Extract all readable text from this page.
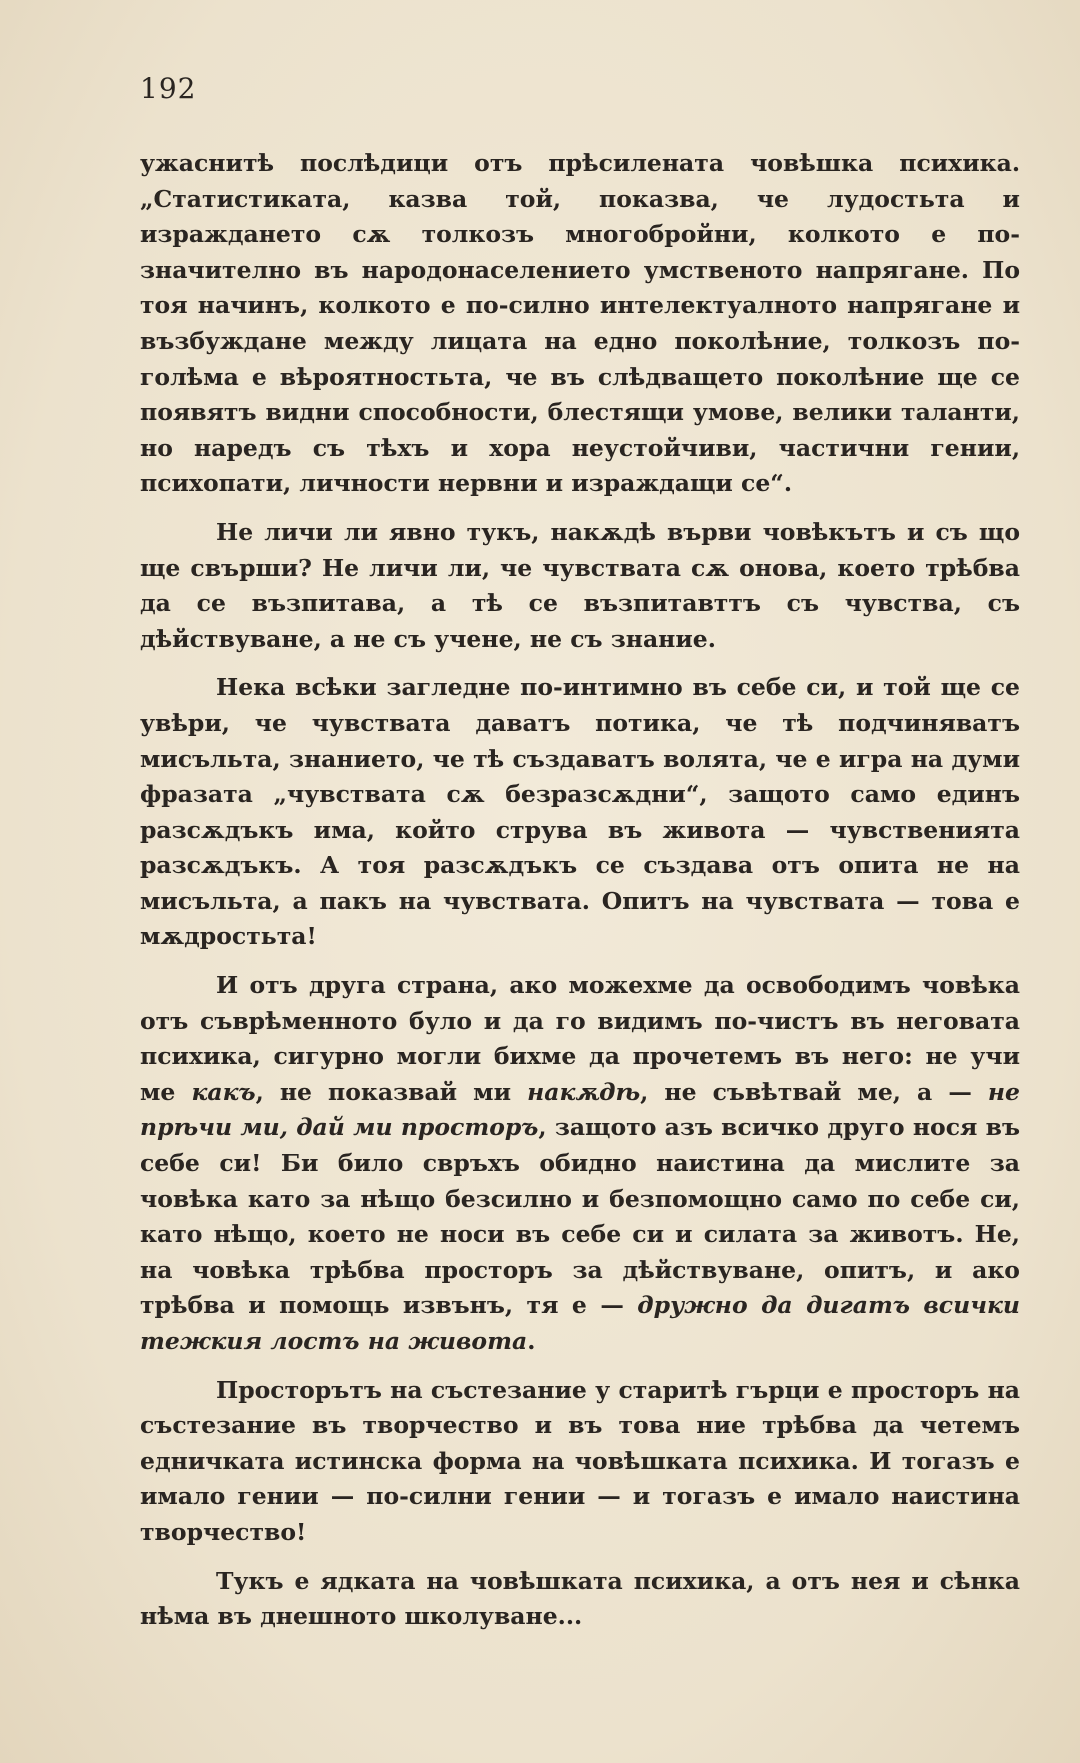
192

ужаснитѣ послѣдици отъ прѣсилената човѣшка психика. „Статистиката, казва той, показва, че лудостьта и израждането сѫ толкозъ многобройни, колкото е по-значително въ народонаселението умственото напрягане. По тоя начинъ, колкото е по-силно интелектуалното напрягане и възбуждане между лицата на едно поколѣние, толкозъ по-голѣма е вѣроятностьта, че въ слѣдващето поколѣние ще се появятъ видни способности, блестящи умове, велики таланти, но наредъ съ тѣхъ и хора неустойчиви, частични гении, психопати, личности нервни и израждащи се“.

Не личи ли явно тукъ, накѫдѣ върви човѣкътъ и съ що ще свърши? Не личи ли, че чувствата сѫ онова, което трѣбва да се възпитава, а тѣ се възпитавттъ съ чувства, съ дѣйствуване, а не съ учене, не съ знание.

Нека всѣки загледне по-интимно въ себе си, и той ще се увѣри, че чувствата даватъ потика, че тѣ подчиняватъ мисъльта, знанието, че тѣ създаватъ волята, че е игра на думи фразата „чувствата сѫ безразсѫдни“, защото само единъ разсѫдъкъ има, който струва въ живота — чувственията разсѫдъкъ. А тоя разсѫдъкъ се създава отъ опита не на мисъльта, а пакъ на чувствата. Опитъ на чувствата — това е мѫдростьта!

И отъ друга страна, ако можехме да освободимъ човѣка отъ съврѣменното було и да го видимъ по-чистъ въ неговата психика, сигурно могли бихме да прочетемъ въ него: не учи ме какъ, не показвай ми накѫдѣ, не съвѣтвай ме, а — не прѣчи ми, дай ми просторъ, защото азъ всичко друго нося въ себе си! Би било свръхъ обидно наистина да мислите за човѣка като за нѣщо безсилно и безпомощно само по себе си, като нѣщо, което не носи въ себе си и силата за животъ. Не, на човѣка трѣбва просторъ за дѣйствуване, опитъ, и ако трѣбва и помощь извънъ, тя е — дружно да дигатъ всички тежкия лостъ на живота.

Просторътъ на състезание у старитѣ гърци е просторъ на състезание въ творчество и въ това ние трѣбва да четемъ едничката истинска форма на човѣшката психика. И тогазъ е имало гении — по-силни гении — и тогазъ е имало наистина творчество!

Тукъ е ядката на човѣшката психика, а отъ нея и сѣнка нѣма въ днешното школуване...
